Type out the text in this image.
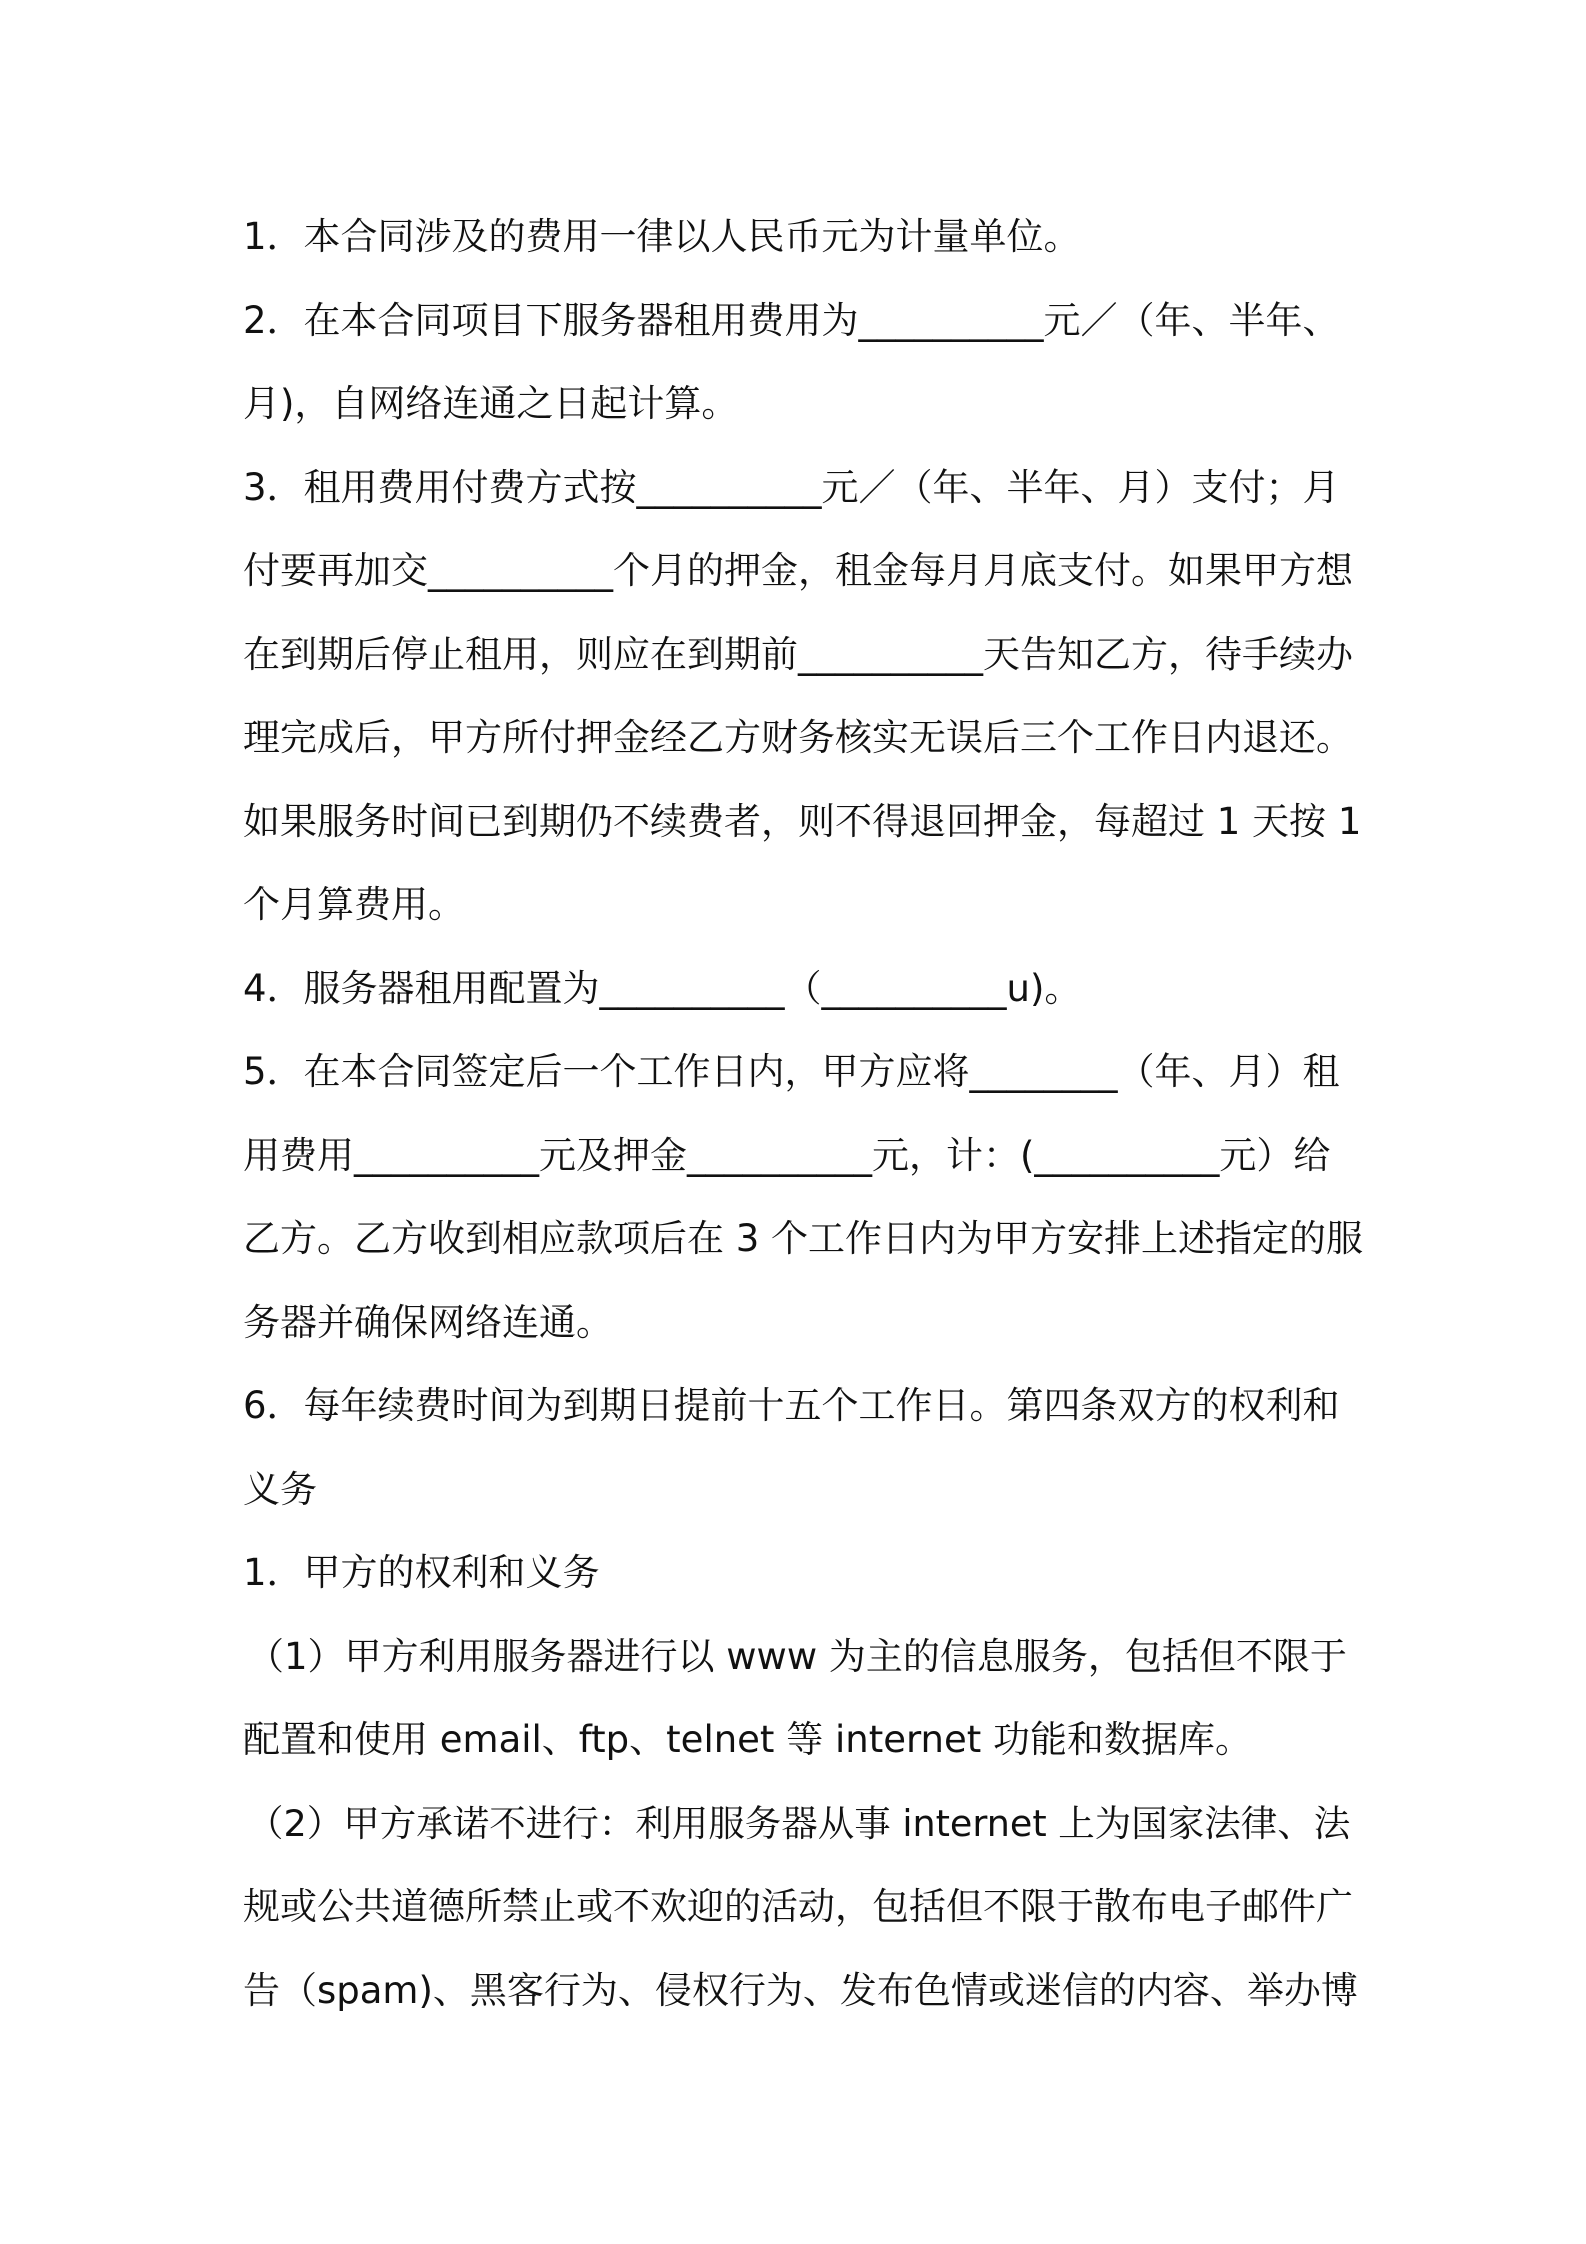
1．本合同涉及的费用一律以人民币元为计量单位。
2．在本合同项目下服务器租用费用为__________元／（年、半年、
月)，自网络连通之日起计算。
3．租用费用付费方式按__________元／（年、半年、月）支付；月
付要再加交__________个月的押金，租金每月月底支付。如果甲方想
在到期后停止租用，则应在到期前__________天告知乙方，待手续办
理完成后，甲方所付押金经乙方财务核实无误后三个工作日内退还。
如果服务时间已到期仍不续费者，则不得退回押金，每超过 1 天按 1
个月算费用。
4．服务器租用配置为__________（__________u)。
5．在本合同签定后一个工作日内，甲方应将________（年、月）租
用费用__________元及押金__________元，计：(__________元）给
乙方。乙方收到相应款项后在 3 个工作日内为甲方安排上述指定的服
务器并确保网络连通。
6．每年续费时间为到期日提前十五个工作日。第四条双方的权利和
义务
1．甲方的权利和义务
（1）甲方利用服务器进行以 www 为主的信息服务，包括但不限于
配置和使用 email、ftp、telnet 等 internet 功能和数据库。
（2）甲方承诺不进行：利用服务器从事 internet 上为国家法律、法
规或公共道德所禁止或不欢迎的活动，包括但不限于散布电子邮件广
告（spam)、黑客行为、侵权行为、发布色情或迷信的内容、举办博
